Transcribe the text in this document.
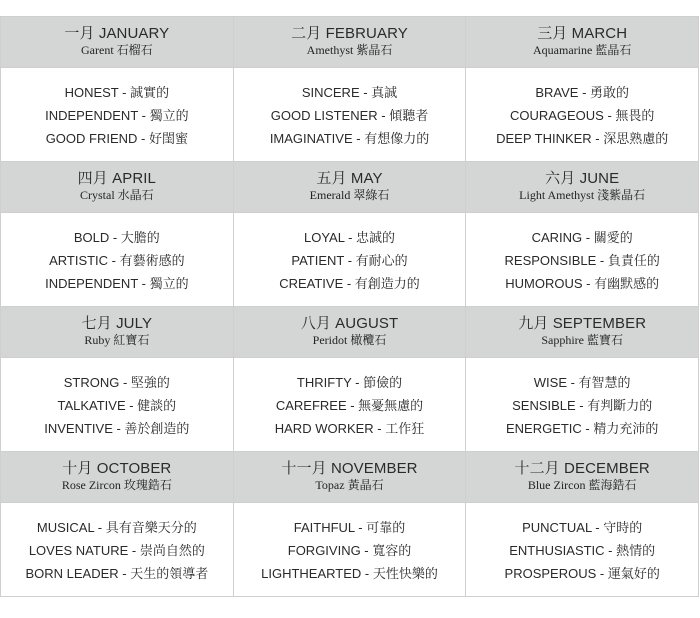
一月 JANUARY
Garent 石榴石
二月 FEBRUARY
Amethyst 紫晶石
三月 MARCH
Aquamarine 藍晶石
HONEST - 誠實的
INDEPENDENT - 獨立的
GOOD FRIEND - 好閨蜜
SINCERE - 真誠
GOOD LISTENER - 傾聽者
IMAGINATIVE - 有想像力的
BRAVE - 勇敢的
COURAGEOUS - 無畏的
DEEP THINKER - 深思熟慮的
四月 APRIL
Crystal 水晶石
五月 MAY
Emerald 翠綠石
六月 JUNE
Light Amethyst 淺紫晶石
BOLD - 大膽的
ARTISTIC - 有藝術感的
INDEPENDENT - 獨立的
LOYAL - 忠誠的
PATIENT - 有耐心的
CREATIVE - 有創造力的
CARING - 關愛的
RESPONSIBLE - 負責任的
HUMOROUS - 有幽默感的
七月 JULY
Ruby 紅寶石
八月 AUGUST
Peridot 橄欖石
九月 SEPTEMBER
Sapphire 藍寶石
STRONG - 堅強的
TALKATIVE - 健談的
INVENTIVE - 善於創造的
THRIFTY - 節儉的
CAREFREE - 無憂無慮的
HARD WORKER - 工作狂
WISE - 有智慧的
SENSIBLE - 有判斷力的
ENERGETIC - 精力充沛的
十月 OCTOBER
Rose Zircon 玫瑰鋯石
十一月 NOVEMBER
Topaz 黃晶石
十二月 DECEMBER
Blue Zircon 藍海鋯石
MUSICAL - 具有音樂天分的
LOVES NATURE - 崇尚自然的
BORN LEADER - 天生的領導者
FAITHFUL - 可靠的
FORGIVING - 寬容的
LIGHTHEARTED - 天性快樂的
PUNCTUAL - 守時的
ENTHUSIASTIC - 熱情的
PROSPEROUS - 運氣好的
